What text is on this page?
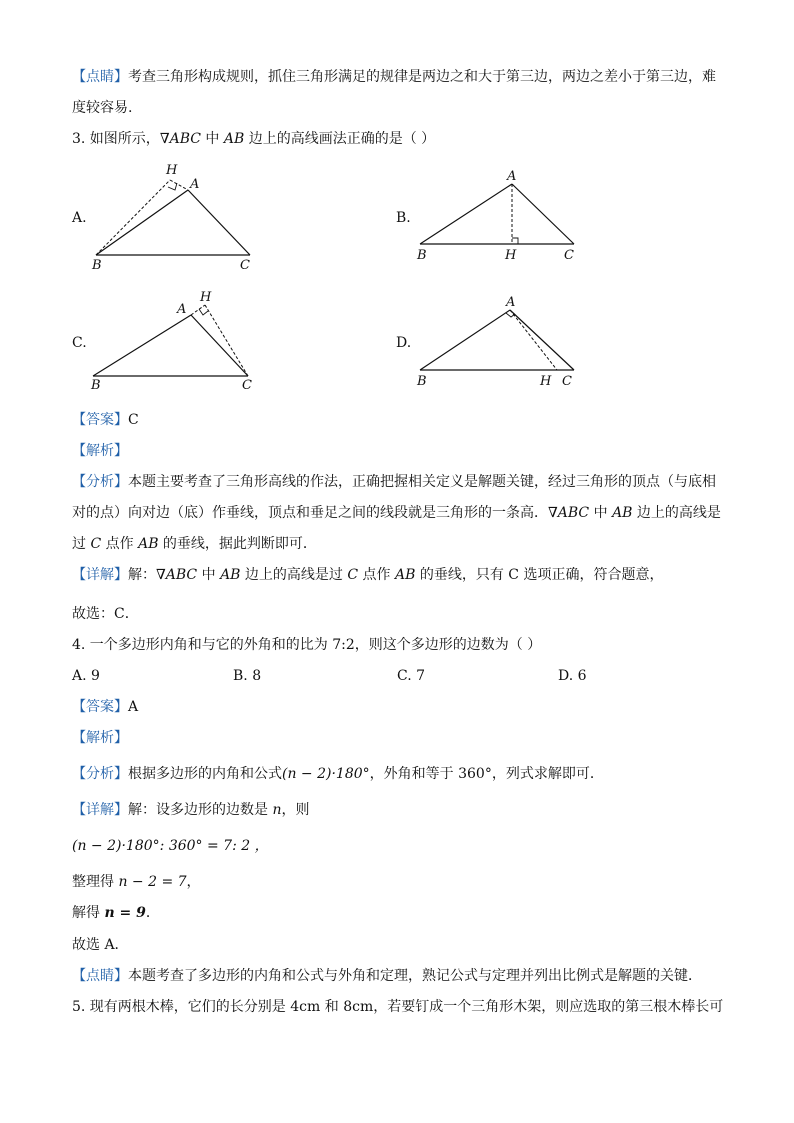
【点睛】考查三角形构成规则，抓住三角形满足的规律是两边之和大于第三边，两边之差小于第三边，难
度较容易.
3. 如图所示，∇ABC 中 AB 边上的高线画法正确的是（ ）
A.
H
A
B	C
B.
A
B	H	C
C.
A
H
B	C
D.
A
B	H C
【答案】C
【解析】
【分析】本题主要考查了三角形高线的作法，正确把握相关定义是解题关键，经过三角形的顶点（与底相
对的点）向对边（底）作垂线，顶点和垂足之间的线段就是三角形的一条高．∇ABC 中 AB 边上的高线是
过 C 点作 AB 的垂线，据此判断即可．
【详解】解：∇ABC 中 AB 边上的高线是过 C 点作 AB 的垂线，只有 C 选项正确，符合题意，
故选：C．
4. 一个多边形内角和与它的外角和的比为 7:2，则这个多边形的边数为（ ）
A. 9	B. 8	C. 7	D. 6
【答案】A
【解析】
【分析】根据多边形的内角和公式(n − 2)·180°，外角和等于 360°，列式求解即可．
【详解】解：设多边形的边数是 n，则
(n − 2)·180°: 360° = 7: 2 ，
整理得 n − 2 = 7，
解得 n = 9．
故选 A．
【点睛】本题考查了多边形的内角和公式与外角和定理，熟记公式与定理并列出比例式是解题的关键．
5. 现有两根木棒，它们的长分别是 4cm 和 8cm，若要钉成一个三角形木架，则应选取的第三根木棒长可
